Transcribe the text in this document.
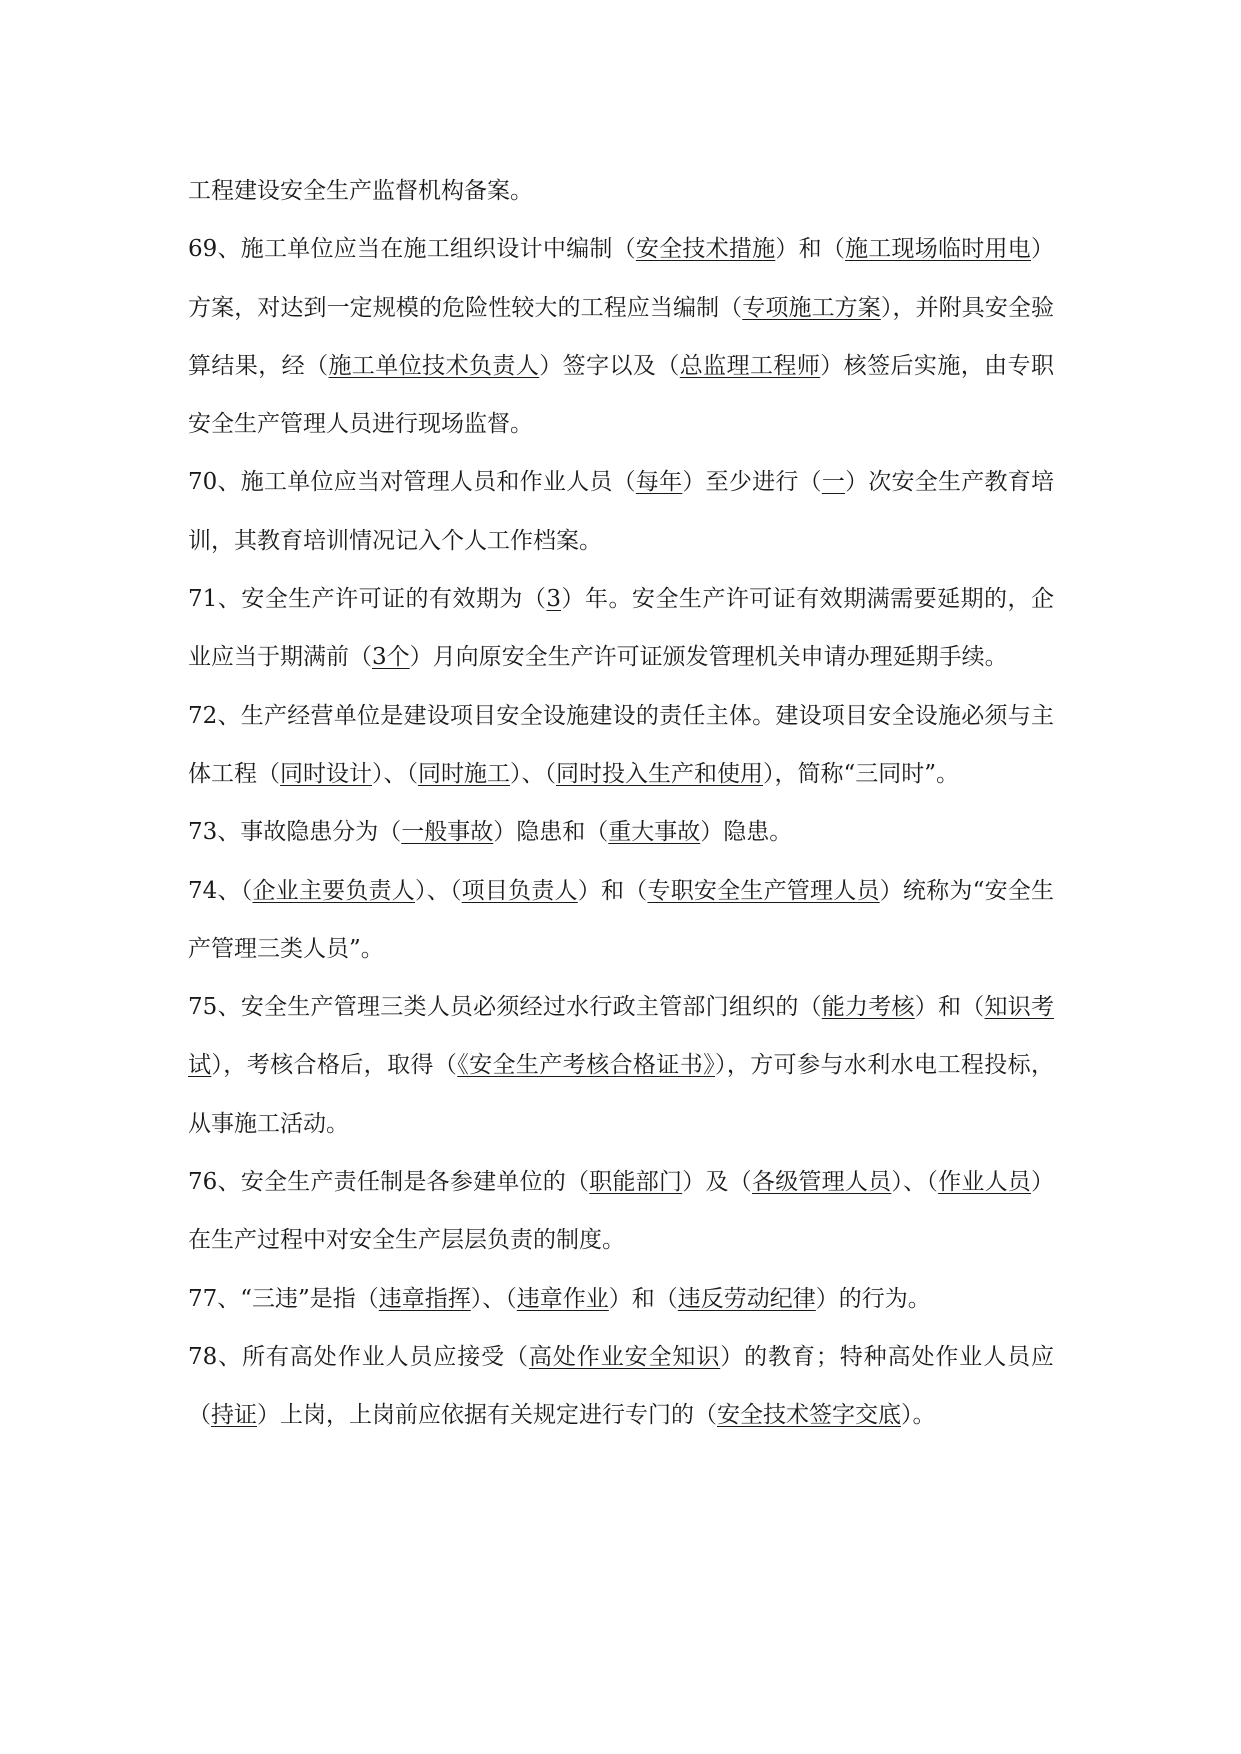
工程建设安全生产监督机构备案。

69、施工单位应当在施工组织设计中编制（安全技术措施）和（施工现场临时用电）方案，对达到一定规模的危险性较大的工程应当编制（专项施工方案），并附具安全验算结果，经（施工单位技术负责人）签字以及（总监理工程师）核签后实施，由专职安全生产管理人员进行现场监督。

70、施工单位应当对管理人员和作业人员（每年）至少进行（一）次安全生产教育培训，其教育培训情况记入个人工作档案。

71、安全生产许可证的有效期为（3）年。安全生产许可证有效期满需要延期的，企业应当于期满前（3个）月向原安全生产许可证颁发管理机关申请办理延期手续。

72、生产经营单位是建设项目安全设施建设的责任主体。建设项目安全设施必须与主体工程（同时设计）、（同时施工）、（同时投入生产和使用），简称“三同时”。

73、事故隐患分为（一般事故）隐患和（重大事故）隐患。

74、（企业主要负责人）、（项目负责人）和（专职安全生产管理人员）统称为“安全生产管理三类人员”。

75、安全生产管理三类人员必须经过水行政主管部门组织的（能力考核）和（知识考试），考核合格后，取得（《安全生产考核合格证书》），方可参与水利水电工程投标，从事施工活动。

76、安全生产责任制是各参建单位的（职能部门）及（各级管理人员）、（作业人员）在生产过程中对安全生产层层负责的制度。

77、“三违”是指（违章指挥）、（违章作业）和（违反劳动纪律）的行为。

78、所有高处作业人员应接受（高处作业安全知识）的教育；特种高处作业人员应（持证）上岗，上岗前应依据有关规定进行专门的（安全技术签字交底）。
